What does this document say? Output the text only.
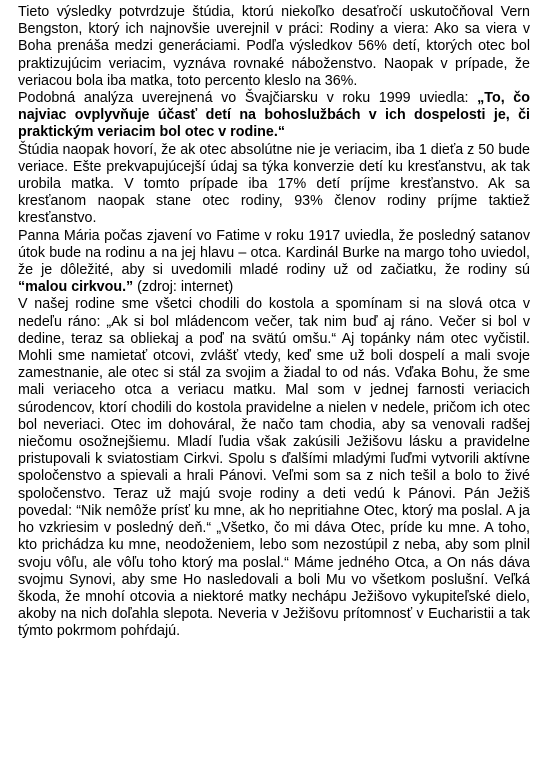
Tieto výsledky potvrdzuje štúdia, ktorú niekoľko desaťročí uskutočňoval Vern Bengston, ktorý ich najnovšie uverejnil v práci: Rodiny a viera: Ako sa viera v Boha prenáša medzi generáciami. Podľa výsledkov 56% detí, ktorých otec bol praktizujúcim veriacim, vyznáva rovnaké náboženstvo. Naopak v prípade, že veriacou bola iba matka, toto percento kleslo na 36%.

Podobná analýza uverejnená vo Švajčiarsku v roku 1999 uviedla: „To, čo najviac ovplyvňuje účasť detí na bohoslužbách v ich dospelosti je, či praktickým veriacim bol otec v rodine.“

Štúdia naopak hovorí, že ak otec absolútne nie je veriacim, iba 1 dieťa z 50 bude veriace. Ešte prekvapujúcejší údaj sa týka konverzie detí ku kresťanstvu, ak tak urobila matka. V tomto prípade iba 17% detí príjme kresťanstvo. Ak sa kresťanom naopak stane otec rodiny, 93% členov rodiny príjme taktiež kresťanstvo.

Panna Mária počas zjavení vo Fatime v roku 1917 uviedla, že posledný satanov útok bude na rodinu a na jej hlavu – otca. Kardinál Burke na margo toho uviedol, že je dôležité, aby si uvedomili mladé rodiny už od začiatku, že rodiny sú “malou cirkvou.” (zdroj: internet)

V našej rodine sme všetci chodili do kostola a spomínam si na slová otca v nedeľu ráno: „Ak si bol mládencom večer, tak nim buď aj ráno. Večer si bol v dedine, teraz sa obliekaj a poď na svätú omšu.“ Aj topánky nám otec vyčistil. Mohli sme namietať otcovi, zvlášť vtedy, keď sme už boli dospelí a mali svoje zamestnanie, ale otec si stál za svojim a žiadal to od nás. Vďaka Bohu, že sme mali veriaceho otca a veriacu matku. Mal som v jednej farnosti veriacich súrodencov, ktorí chodili do kostola pravidelne a nielen v nedele, pričom ich otec bol neveriaci. Otec im dohováral, že načo tam chodia, aby sa venovali radšej niečomu osožnejšiemu. Mladí ľudia však zakúsili Ježišovu lásku a pravidelne pristupovali k sviatostiam Cirkvi. Spolu s ďalšími mladými ľuďmi vytvorili aktívne spoločenstvo a spievali a hrali Pánovi. Veľmi som sa z nich tešil a bolo to živé spoločenstvo. Teraz už majú svoje rodiny a deti vedú k Pánovi. Pán Ježiš povedal: “Nik nemôže prísť ku mne, ak ho nepritiahne Otec, ktorý ma poslal. A ja ho vzkriesim v posledný deň.“ „Všetko, čo mi dáva Otec, príde ku mne. A toho, kto prichádza ku mne, neodoženiem, lebo som nezostúpil z neba, aby som plnil svoju vôľu, ale vôľu toho ktorý ma poslal.“ Máme jedného Otca, a On nás dáva svojmu Synovi, aby sme Ho nasledovali a boli Mu vo všetkom poslušní. Veľká škoda, že mnohí otcovia a niektoré matky nechápu Ježišovo vykupiteľské dielo, akoby na nich doľahla slepota. Neveria v Ježišovu prítomnosť v Eucharistii a tak týmto pokrmom pohŕdajú.
